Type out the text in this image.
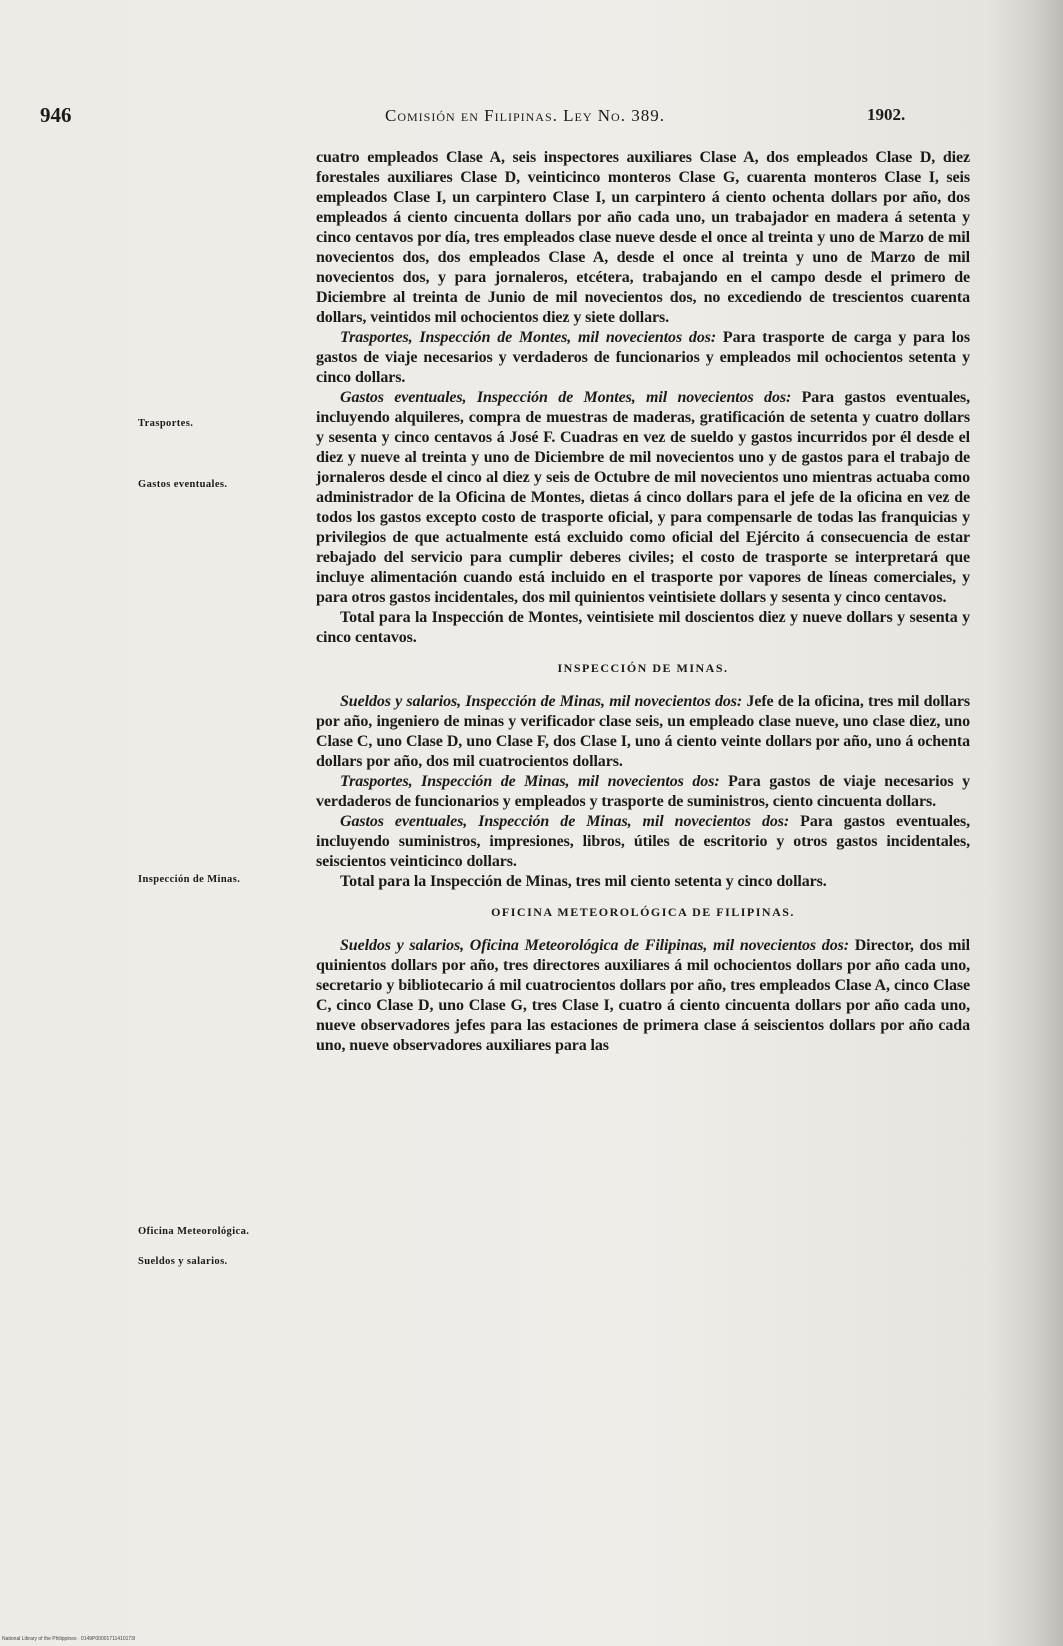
946	Comisión en Filipinas. Ley No. 389.	1902.
Trasportes.
Gastos eventuales.
Inspección de Minas.
Oficina Meteorológica.
Sueldos y salarios.

cuatro empleados Clase A, seis inspectores auxiliares Clase A, dos empleados Clase D, diez forestales auxiliares Clase D, veinticinco monteros Clase G, cuarenta monteros Clase I, seis empleados Clase I, un carpintero Clase I, un carpintero á ciento ochenta dollars por año, dos empleados á ciento cincuenta dollars por año cada uno, un trabajador en madera á setenta y cinco centavos por día, tres empleados clase nueve desde el once al treinta y uno de Marzo de mil novecientos dos, dos empleados Clase A, desde el once al treinta y uno de Marzo de mil novecientos dos, y para jornaleros, etcétera, trabajando en el campo desde el primero de Diciembre al treinta de Junio de mil novecientos dos, no excediendo de trescientos cuarenta dollars, veintidos mil ochocientos diez y siete dollars.

Trasportes, Inspección de Montes, mil novecientos dos: Para trasporte de carga y para los gastos de viaje necesarios y verdaderos de funcionarios y empleados mil ochocientos setenta y cinco dollars.

Gastos eventuales, Inspección de Montes, mil novecientos dos: Para gastos eventuales, incluyendo alquileres, compra de muestras de maderas, gratificación de setenta y cuatro dollars y sesenta y cinco centavos á José F. Cuadras en vez de sueldo y gastos incurridos por él desde el diez y nueve al treinta y uno de Diciembre de mil novecientos uno y de gastos para el trabajo de jornaleros desde el cinco al diez y seis de Octubre de mil novecientos uno mientras actuaba como administrador de la Oficina de Montes, dietas á cinco dollars para el jefe de la oficina en vez de todos los gastos excepto costo de trasporte oficial, y para compensarle de todas las franquicias y privilegios de que actualmente está excluido como oficial del Ejército á consecuencia de estar rebajado del servicio para cumplir deberes civiles; el costo de trasporte se interpretará que incluye alimentación cuando está incluido en el trasporte por vapores de líneas comerciales, y para otros gastos incidentales, dos mil quinientos veintisiete dollars y sesenta y cinco centavos.

Total para la Inspección de Montes, veintisiete mil doscientos diez y nueve dollars y sesenta y cinco centavos.

INSPECCIÓN DE MINAS.

Sueldos y salarios, Inspección de Minas, mil novecientos dos: Jefe de la oficina, tres mil dollars por año, ingeniero de minas y verificador clase seis, un empleado clase nueve, uno clase diez, uno Clase C, uno Clase D, uno Clase F, dos Clase I, uno á ciento veinte dollars por año, uno á ochenta dollars por año, dos mil cuatrocientos dollars.

Trasportes, Inspección de Minas, mil novecientos dos: Para gastos de viaje necesarios y verdaderos de funcionarios y empleados y trasporte de suministros, ciento cincuenta dollars.

Gastos eventuales, Inspección de Minas, mil novecientos dos: Para gastos eventuales, incluyendo suministros, impresiones, libros, útiles de escritorio y otros gastos incidentales, seiscientos veinticinco dollars.

Total para la Inspección de Minas, tres mil ciento setenta y cinco dollars.

OFICINA METEOROLÓGICA DE FILIPINAS.

Sueldos y salarios, Oficina Meteorológica de Filipinas, mil novecientos dos: Director, dos mil quinientos dollars por año, tres directores auxiliares á mil ochocientos dollars por año cada uno, secretario y bibliotecario á mil cuatrocientos dollars por año, tres empleados Clase A, cinco Clase C, cinco Clase D, uno Clase G, tres Clase I, cuatro á ciento cincuenta dollars por año cada uno, nueve observadores jefes para las estaciones de primera clase á seiscientos dollars por año cada uno, nueve observadores auxiliares para las

National Library of the Philippines · 0149P00001711410173l
